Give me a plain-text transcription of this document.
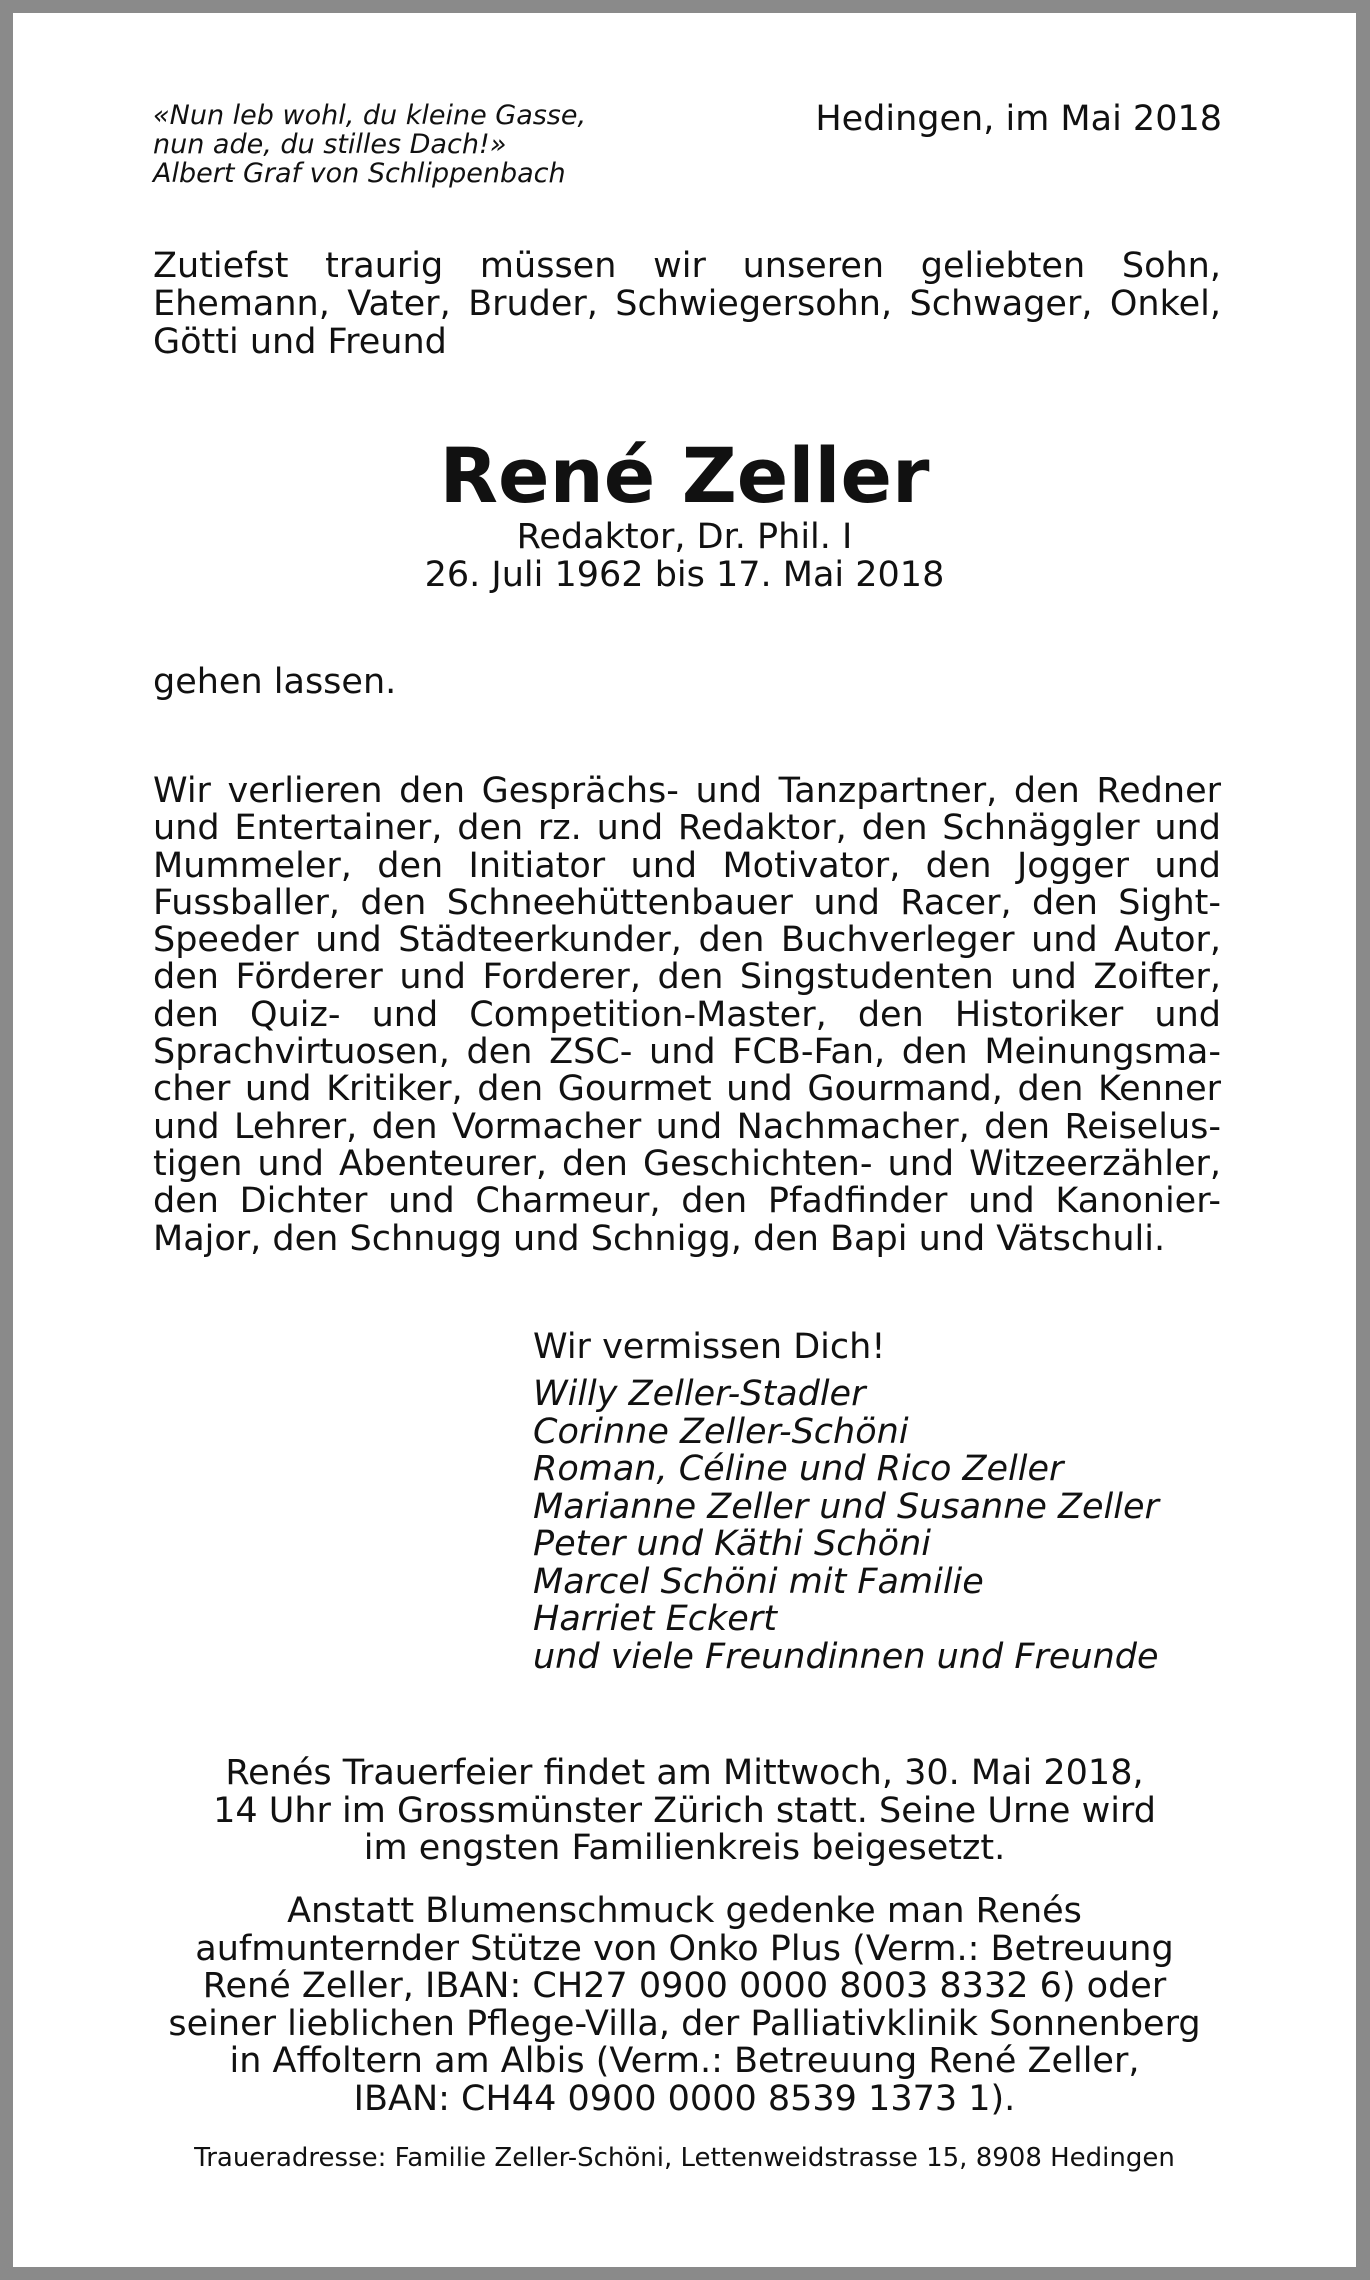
«Nun leb wohl, du kleine Gasse,
nun ade, du stilles Dach!»
Albert Graf von Schlippenbach
Hedingen, im Mai 2018
Zutiefst traurig müssen wir unseren geliebten Sohn, Ehemann, Vater, Bruder, Schwiegersohn, Schwager, Onkel, Götti und Freund
René Zeller
Redaktor, Dr. Phil. I
26. Juli 1962 bis 17. Mai 2018
gehen lassen.
Wir verlieren den Gesprächs- und Tanzpartner, den Redner
und Entertainer, den rz. und Redaktor, den Schnäggler und
Mummeler, den Initiator und Motivator, den Jogger und
Fussballer, den Schneehüttenbauer und Racer, den Sight-
Speeder und Städteerkunder, den Buchverleger und Autor,
den Förderer und Forderer, den Singstudenten und Zoifter,
den Quiz- und Competition-Master, den Historiker und
Sprachvirtuosen, den ZSC- und FCB-Fan, den Meinungsma-
cher und Kritiker, den Gourmet und Gourmand, den Kenner
und Lehrer, den Vormacher und Nachmacher, den Reiselus-
tigen und Abenteurer, den Geschichten- und Witzeerzähler,
den Dichter und Charmeur, den Pfadfinder und Kanonier-
Major, den Schnugg und Schnigg, den Bapi und Vätschuli.
Wir vermissen Dich!
Willy Zeller-Stadler
Corinne Zeller-Schöni
Roman, Céline und Rico Zeller
Marianne Zeller und Susanne Zeller
Peter und Käthi Schöni
Marcel Schöni mit Familie
Harriet Eckert
und viele Freundinnen und Freunde
Renés Trauerfeier findet am Mittwoch, 30. Mai 2018,
14 Uhr im Grossmünster Zürich statt. Seine Urne wird
im engsten Familienkreis beigesetzt.
Anstatt Blumenschmuck gedenke man Renés
aufmunternder Stütze von Onko Plus (Verm.: Betreuung
René Zeller, IBAN: CH27 0900 0000 8003 8332 6) oder
seiner lieblichen Pflege-Villa, der Palliativklinik Sonnenberg
in Affoltern am Albis (Verm.: Betreuung René Zeller,
IBAN: CH44 0900 0000 8539 1373 1).
Traueradresse: Familie Zeller-Schöni, Lettenweidstrasse 15, 8908 Hedingen
